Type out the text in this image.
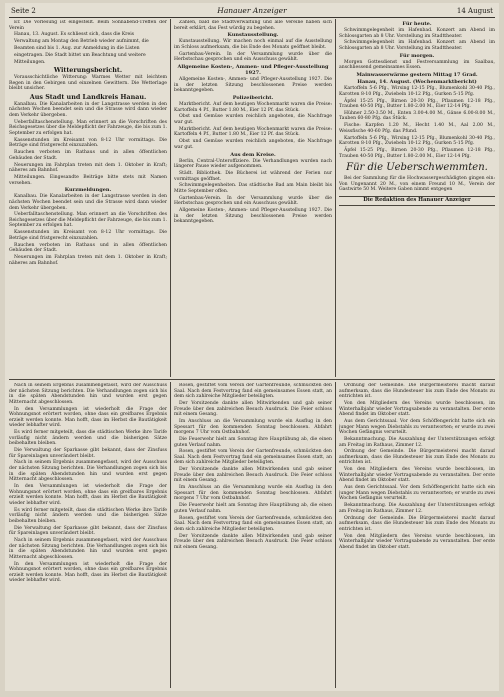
Seite 2	Hanauer Anzeiger	14 August

Er. Die Vorlesung ist eingestellt. Beim Sonnabend-Treffen der Verein

Hanau, 13. August. Es schliesst sich, dass die Kreis

Verwaltung am Montag den Betrieb wieder aufnimmt, die

Beamten sind bis 1. Aug. zur Anmeldung in die Listen

eingetragen. Die Stadt bittet um Beachtung und weitere

Mitteilungen.

Witterungsbericht.

Vorausschichtliche Witterung: Warmes Wetter mit leichtem Regen in den Gebirgen und einzelnen Gewittern. Die Wetterlage bleibt unsicher.

Aus Stadt und Landkreis Hanau.

Kanalbau. Die Kanalarbeiten in der Langstrasse werden in den nächsten Wochen beendet sein und die Strasse wird dann wieder dem Verkehr übergeben.

Ueberfalltaschenstellung. Man erinnert an die Vorschriften des Reichsgesetzes über die Meldepflicht der Fahrzeuge, die bis zum 1. September zu erfolgen hat.

Kassenstunden im Kreisamt von 8-12 Uhr vormittags. Die Beträge sind fristgerecht einzuzahlen.

Rauchen verboten im Rathaus und in allen öffentlichen Gebäuden der Stadt.

Neuerungen im Fahrplan treten mit dem 1. Oktober in Kraft; näheres am Bahnhof.

Mitteilungen. Eingesandte Beiträge bitte stets mit Namen versehen.

Kurzmeldungen.

Kanalbau. Die Kanalarbeiten in der Langstrasse werden in den nächsten Wochen beendet sein und die Strasse wird dann wieder dem Verkehr übergeben.

Ueberfalltaschenstellung. Man erinnert an die Vorschriften des Reichsgesetzes über die Meldepflicht der Fahrzeuge, die bis zum 1. September zu erfolgen hat.

Kassenstunden im Kreisamt von 8-12 Uhr vormittags. Die Beträge sind fristgerecht einzuzahlen.

Rauchen verboten im Rathaus und in allen öffentlichen Gebäuden der Stadt.

Neuerungen im Fahrplan treten mit dem 1. Oktober in Kraft; näheres am Bahnhof.

Zahlen, bald die Stadtverwaltung und alle Vereine haben sich bereit erklärt, das Fest würdig zu begehen.

Kunstausstellung.

Kunstausstellung. Wir machen noch einmal auf die Ausstellung im Schloss aufmerksam, die bis Ende des Monats geöffnet bleibt.

Gartenbau-Verein. In der Versammlung wurde über die Herbstschau gesprochen und ein Ausschuss gewählt.

Allgemeine Kosten-, Ammen- und Pfleger-Ausstellung 1927.

Allgemeine Kosten-, Ammen- und Pfleger-Ausstellung 1927. Die in der letzten Sitzung beschlossenen Preise werden bekanntgegeben.

Polizeibericht.

Marktbericht. Auf dem heutigen Wochenmarkt waren die Preise: Kartoffeln 4 Pf., Butter 1.80 M., Eier 12 Pf. das Stück.

Obst und Gemüse wurden reichlich angeboten, die Nachfrage war gut.

Marktbericht. Auf dem heutigen Wochenmarkt waren die Preise: Kartoffeln 4 Pf., Butter 1.80 M., Eier 12 Pf. das Stück.

Obst und Gemüse wurden reichlich angeboten, die Nachfrage war gut.

Aus dem Kreise.

Berlin, Central-Unteroffiziere. Die Verhandlungen wurden nach längerer Pause wieder aufgenommen.

Städt. Bibliothek. Die Bücherei ist während der Ferien nur vormittags geöffnet.

Schwimmgelegenheiten. Das städtische Bad am Main bleibt bis Mitte September offen.

Gartenbau-Verein. In der Versammlung wurde über die Herbstschau gesprochen und ein Ausschuss gewählt.

Allgemeine Kosten-, Ammen- und Pfleger-Ausstellung 1927. Die in der letzten Sitzung beschlossenen Preise werden bekanntgegeben.

Für heute.

Schwimmgelegenheit im Hafenbad. Konzert am Abend im Schlossgarten ab 8 Uhr. Vorstellung im Stadttheater.

Schwimmgelegenheit im Hafenbad. Konzert am Abend im Schlossgarten ab 8 Uhr. Vorstellung im Stadttheater.

Für morgen.

Morgen Gottesdienst und Festversammlung im Saalbau, anschliessend gemeinsames Essen.

Mainwasserwärme gestern Mittag 17 Grad.
Hanau, 14. August. (Wochenmarktbericht)

Kartoffeln 5-6 Pfg., Wirsing 12-15 Pfg., Blumenkohl 30-40 Pfg., Karotten 8-10 Pfg., Zwiebeln 10-12 Pfg., Gurken 5-15 Pfg.

Äpfel 15-25 Pfg., Birnen 20-30 Pfg., Pflaumen 12-18 Pfg., Trauben 40-50 Pfg., Butter 1.80-2.00 M., Eier 12-14 Pfg.

Hühner 2.50-3.50 M., Enten 3.00-4.00 M., Gänse 6.00-8.00 M., Tauben 60-80 Pfg. das Stück.

Fische: Karpfen 1.20 M., Hecht 1.40 M., Aal 2.00 M., Weissfische 40-60 Pfg. das Pfund.

Kartoffeln 5-6 Pfg., Wirsing 12-15 Pfg., Blumenkohl 30-40 Pfg., Karotten 8-10 Pfg., Zwiebeln 10-12 Pfg., Gurken 5-15 Pfg.

Äpfel 15-25 Pfg., Birnen 20-30 Pfg., Pflaumen 12-18 Pfg., Trauben 40-50 Pfg., Butter 1.80-2.00 M., Eier 12-14 Pfg.

Für die Ueberschwemmten.

Bei der Sammlung für die Hochwassergeschädigten gingen ein: Von Ungenannt 20 M., von einem Freund 10 M., Verein der Gastwirte 50 M. Weitere Gaben nimmt entgegen

Die Redaktion des Hanauer Anzeiger

Nach in seinem Ergebnis zusammengefasst, wird der Ausschuss der nächsten Sitzung berichten. Die Verhandlungen zogen sich bis in die späten Abendstunden hin und wurden erst gegen Mitternacht abgeschlossen.

In den Versammlungen ist wiederholt die Frage der Wohnungsnot erörtert worden, ohne dass ein greifbares Ergebnis erzielt werden konnte. Man hofft, dass im Herbst die Bautätigkeit wieder lebhafter wird.

Es wird ferner mitgeteilt, dass die städtischen Werke ihre Tarife vorläufig nicht ändern werden und die bisherigen Sätze beibehalten bleiben.

Die Verwaltung der Sparkasse gibt bekannt, dass der Zinsfuss für Spareinlagen unverändert bleibt.

Nach in seinem Ergebnis zusammengefasst, wird der Ausschuss der nächsten Sitzung berichten. Die Verhandlungen zogen sich bis in die späten Abendstunden hin und wurden erst gegen Mitternacht abgeschlossen.

In den Versammlungen ist wiederholt die Frage der Wohnungsnot erörtert worden, ohne dass ein greifbares Ergebnis erzielt werden konnte. Man hofft, dass im Herbst die Bautätigkeit wieder lebhafter wird.

Es wird ferner mitgeteilt, dass die städtischen Werke ihre Tarife vorläufig nicht ändern werden und die bisherigen Sätze beibehalten bleiben.

Die Verwaltung der Sparkasse gibt bekannt, dass der Zinsfuss für Spareinlagen unverändert bleibt.

Nach in seinem Ergebnis zusammengefasst, wird der Ausschuss der nächsten Sitzung berichten. Die Verhandlungen zogen sich bis in die späten Abendstunden hin und wurden erst gegen Mitternacht abgeschlossen.

In den Versammlungen ist wiederholt die Frage der Wohnungsnot erörtert worden, ohne dass ein greifbares Ergebnis erzielt werden konnte. Man hofft, dass im Herbst die Bautätigkeit wieder lebhafter wird.

Rosen, gestiftet vom Verein der Gartenfreunde, schmückten den Saal. Nach dem Festvortrag fand ein gemeinsames Essen statt, an dem sich zahlreiche Mitglieder beteiligten.

Der Vorsitzende dankte allen Mitwirkenden und gab seiner Freude über den zahlreichen Besuch Ausdruck. Die Feier schloss mit einem Gesang.

Im Anschluss an die Versammlung wurde ein Ausflug in den Spessart für den kommenden Sonntag beschlossen. Abfahrt morgens 7 Uhr vom Ostbahnhof.

Die Feuerwehr hielt am Sonntag ihre Hauptübung ab, die einen guten Verlauf nahm.

Rosen, gestiftet vom Verein der Gartenfreunde, schmückten den Saal. Nach dem Festvortrag fand ein gemeinsames Essen statt, an dem sich zahlreiche Mitglieder beteiligten.

Der Vorsitzende dankte allen Mitwirkenden und gab seiner Freude über den zahlreichen Besuch Ausdruck. Die Feier schloss mit einem Gesang.

Im Anschluss an die Versammlung wurde ein Ausflug in den Spessart für den kommenden Sonntag beschlossen. Abfahrt morgens 7 Uhr vom Ostbahnhof.

Die Feuerwehr hielt am Sonntag ihre Hauptübung ab, die einen guten Verlauf nahm.

Rosen, gestiftet vom Verein der Gartenfreunde, schmückten den Saal. Nach dem Festvortrag fand ein gemeinsames Essen statt, an dem sich zahlreiche Mitglieder beteiligten.

Der Vorsitzende dankte allen Mitwirkenden und gab seiner Freude über den zahlreichen Besuch Ausdruck. Die Feier schloss mit einem Gesang.

Ordnung der Gemeinde. Die Bürgermeisterei macht darauf aufmerksam, dass die Hundesteuer bis zum Ende des Monats zu entrichten ist.

Von den Mitgliedern des Vereins wurde beschlossen, im Winterhalbjahr wieder Vortragsabende zu veranstalten. Der erste Abend findet im Oktober statt.

Aus dem Gerichtssaal. Vor dem Schöffengericht hatte sich ein junger Mann wegen Diebstahls zu verantworten; er wurde zu zwei Wochen Gefängnis verurteilt.

Bekanntmachung. Die Auszahlung der Unterstützungen erfolgt am Freitag im Rathaus, Zimmer 12.

Ordnung der Gemeinde. Die Bürgermeisterei macht darauf aufmerksam, dass die Hundesteuer bis zum Ende des Monats zu entrichten ist.

Von den Mitgliedern des Vereins wurde beschlossen, im Winterhalbjahr wieder Vortragsabende zu veranstalten. Der erste Abend findet im Oktober statt.

Aus dem Gerichtssaal. Vor dem Schöffengericht hatte sich ein junger Mann wegen Diebstahls zu verantworten; er wurde zu zwei Wochen Gefängnis verurteilt.

Bekanntmachung. Die Auszahlung der Unterstützungen erfolgt am Freitag im Rathaus, Zimmer 12.

Ordnung der Gemeinde. Die Bürgermeisterei macht darauf aufmerksam, dass die Hundesteuer bis zum Ende des Monats zu entrichten ist.

Von den Mitgliedern des Vereins wurde beschlossen, im Winterhalbjahr wieder Vortragsabende zu veranstalten. Der erste Abend findet im Oktober statt.
